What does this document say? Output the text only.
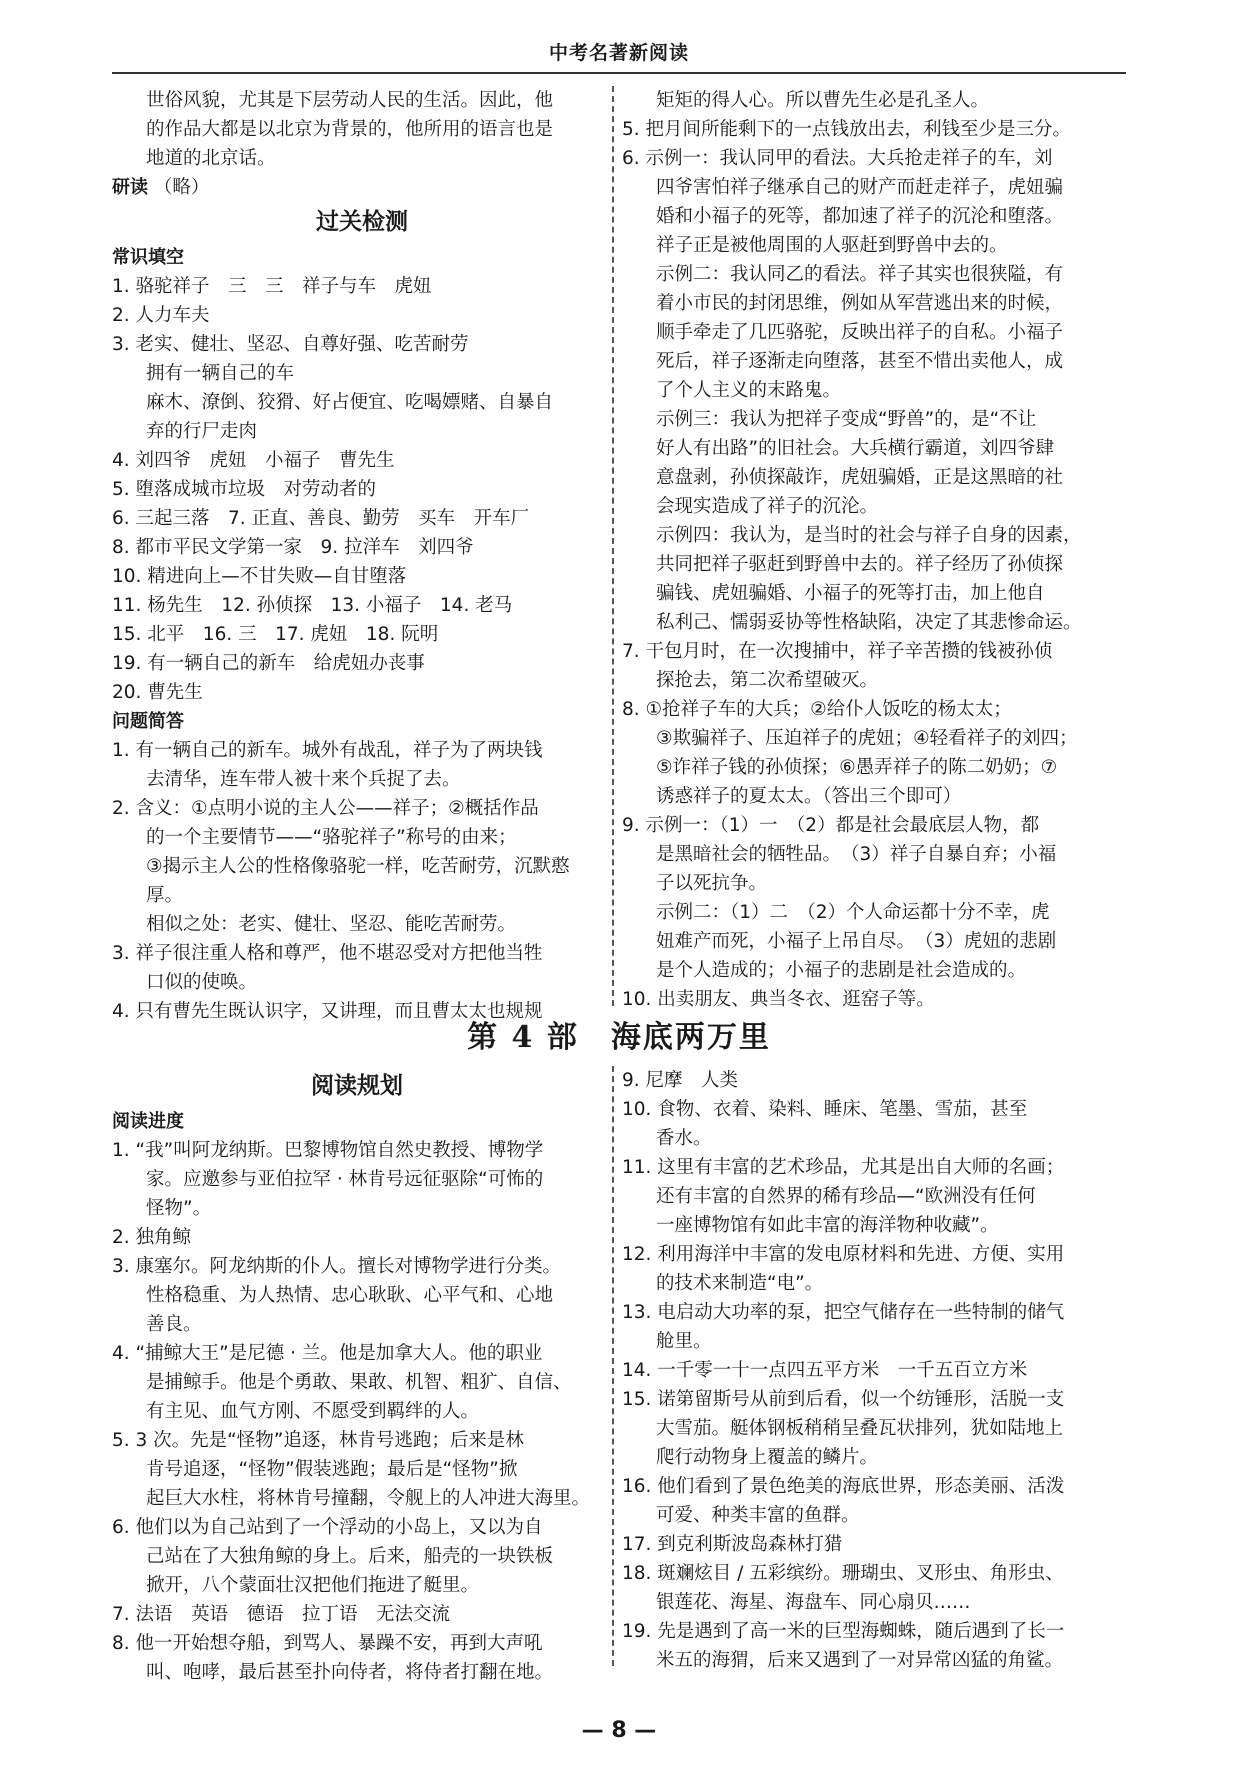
中考名著新阅读
世俗风貌，尤其是下层劳动人民的生活。因此，他
的作品大都是以北京为背景的，他所用的语言也是
地道的北京话。
研读 （略）
过关检测
常识填空
1. 骆驼祥子　三　三　祥子与车　虎妞
2. 人力车夫
3. 老实、健壮、坚忍、自尊好强、吃苦耐劳
拥有一辆自己的车
麻木、潦倒、狡猾、好占便宜、吃喝嫖赌、自暴自
弃的行尸走肉
4. 刘四爷　虎妞　小福子　曹先生
5. 堕落成城市垃圾　对劳动者的
6. 三起三落　7. 正直、善良、勤劳　买车　开车厂
8. 都市平民文学第一家　9. 拉洋车　刘四爷
10. 精进向上—不甘失败—自甘堕落
11. 杨先生　12. 孙侦探　13. 小福子　14. 老马
15. 北平　16. 三　17. 虎妞　18. 阮明
19. 有一辆自己的新车　给虎妞办丧事
20. 曹先生
问题简答
1. 有一辆自己的新车。城外有战乱，祥子为了两块钱
去清华，连车带人被十来个兵捉了去。
2. 含义：①点明小说的主人公——祥子；②概括作品
的一个主要情节——“骆驼祥子”称号的由来；
③揭示主人公的性格像骆驼一样，吃苦耐劳，沉默憨
厚。
相似之处：老实、健壮、坚忍、能吃苦耐劳。
3. 祥子很注重人格和尊严，他不堪忍受对方把他当牲
口似的使唤。
4. 只有曹先生既认识字，又讲理，而且曹太太也规规
矩矩的得人心。所以曹先生必是孔圣人。
5. 把月间所能剩下的一点钱放出去，利钱至少是三分。
6. 示例一：我认同甲的看法。大兵抢走祥子的车，刘
四爷害怕祥子继承自己的财产而赶走祥子，虎妞骗
婚和小福子的死等，都加速了祥子的沉沦和堕落。
祥子正是被他周围的人驱赶到野兽中去的。
示例二：我认同乙的看法。祥子其实也很狭隘，有
着小市民的封闭思维，例如从军营逃出来的时候，
顺手牵走了几匹骆驼，反映出祥子的自私。小福子
死后，祥子逐渐走向堕落，甚至不惜出卖他人，成
了个人主义的末路鬼。
示例三：我认为把祥子变成“野兽”的，是“不让
好人有出路”的旧社会。大兵横行霸道，刘四爷肆
意盘剥，孙侦探敲诈，虎妞骗婚，正是这黑暗的社
会现实造成了祥子的沉沦。
示例四：我认为，是当时的社会与祥子自身的因素，
共同把祥子驱赶到野兽中去的。祥子经历了孙侦探
骗钱、虎妞骗婚、小福子的死等打击，加上他自
私利己、懦弱妥协等性格缺陷，决定了其悲惨命运。
7. 干包月时，在一次搜捕中，祥子辛苦攒的钱被孙侦
探抢去，第二次希望破灭。
8. ①抢祥子车的大兵；②给仆人饭吃的杨太太；
③欺骗祥子、压迫祥子的虎妞；④轻看祥子的刘四；
⑤诈祥子钱的孙侦探；⑥愚弄祥子的陈二奶奶；⑦
诱惑祥子的夏太太。（答出三个即可）
9. 示例一：（1）一　（2）都是社会最底层人物，都
是黑暗社会的牺牲品。　（3）祥子自暴自弃；小福
子以死抗争。
示例二：（1）二　（2）个人命运都十分不幸，虎
妞难产而死，小福子上吊自尽。　（3）虎妞的悲剧
是个人造成的；小福子的悲剧是社会造成的。
10. 出卖朋友、典当冬衣、逛窑子等。
第 4 部　海底两万里
阅读规划
阅读进度
1. “我”叫阿龙纳斯。巴黎博物馆自然史教授、博物学
家。应邀参与亚伯拉罕 · 林肯号远征驱除“可怖的
怪物”。
2. 独角鲸
3. 康塞尔。阿龙纳斯的仆人。擅长对博物学进行分类。
性格稳重、为人热情、忠心耿耿、心平气和、心地
善良。
4. “捕鲸大王”是尼德 · 兰。他是加拿大人。他的职业
是捕鲸手。他是个勇敢、果敢、机智、粗犷、自信、
有主见、血气方刚、不愿受到羁绊的人。
5. 3 次。先是“怪物”追逐，林肯号逃跑；后来是林
肯号追逐，“怪物”假装逃跑；最后是“怪物”掀
起巨大水柱，将林肯号撞翻，令舰上的人冲进大海里。
6. 他们以为自己站到了一个浮动的小岛上，又以为自
己站在了大独角鲸的身上。后来，船壳的一块铁板
掀开，八个蒙面壮汉把他们拖进了艇里。
7. 法语　英语　德语　拉丁语　无法交流
8. 他一开始想夺船，到骂人、暴躁不安，再到大声吼
叫、咆哮，最后甚至扑向侍者，将侍者打翻在地。
9. 尼摩　人类
10. 食物、衣着、染料、睡床、笔墨、雪茄，甚至
香水。
11. 这里有丰富的艺术珍品，尤其是出自大师的名画；
还有丰富的自然界的稀有珍品—“欧洲没有任何
一座博物馆有如此丰富的海洋物种收藏”。
12. 利用海洋中丰富的发电原材料和先进、方便、实用
的技术来制造“电”。
13. 电启动大功率的泵，把空气储存在一些特制的储气
舱里。
14. 一千零一十一点四五平方米　一千五百立方米
15. 诺第留斯号从前到后看，似一个纺锤形，活脱一支
大雪茄。艇体钢板稍稍呈叠瓦状排列，犹如陆地上
爬行动物身上覆盖的鳞片。
16. 他们看到了景色绝美的海底世界，形态美丽、活泼
可爱、种类丰富的鱼群。
17. 到克利斯波岛森林打猎
18. 斑斓炫目 / 五彩缤纷。珊瑚虫、叉形虫、角形虫、
银莲花、海星、海盘车、同心扇贝……
19. 先是遇到了高一米的巨型海蜘蛛，随后遇到了长一
米五的海猬，后来又遇到了一对异常凶猛的角鲨。
— 8 —
